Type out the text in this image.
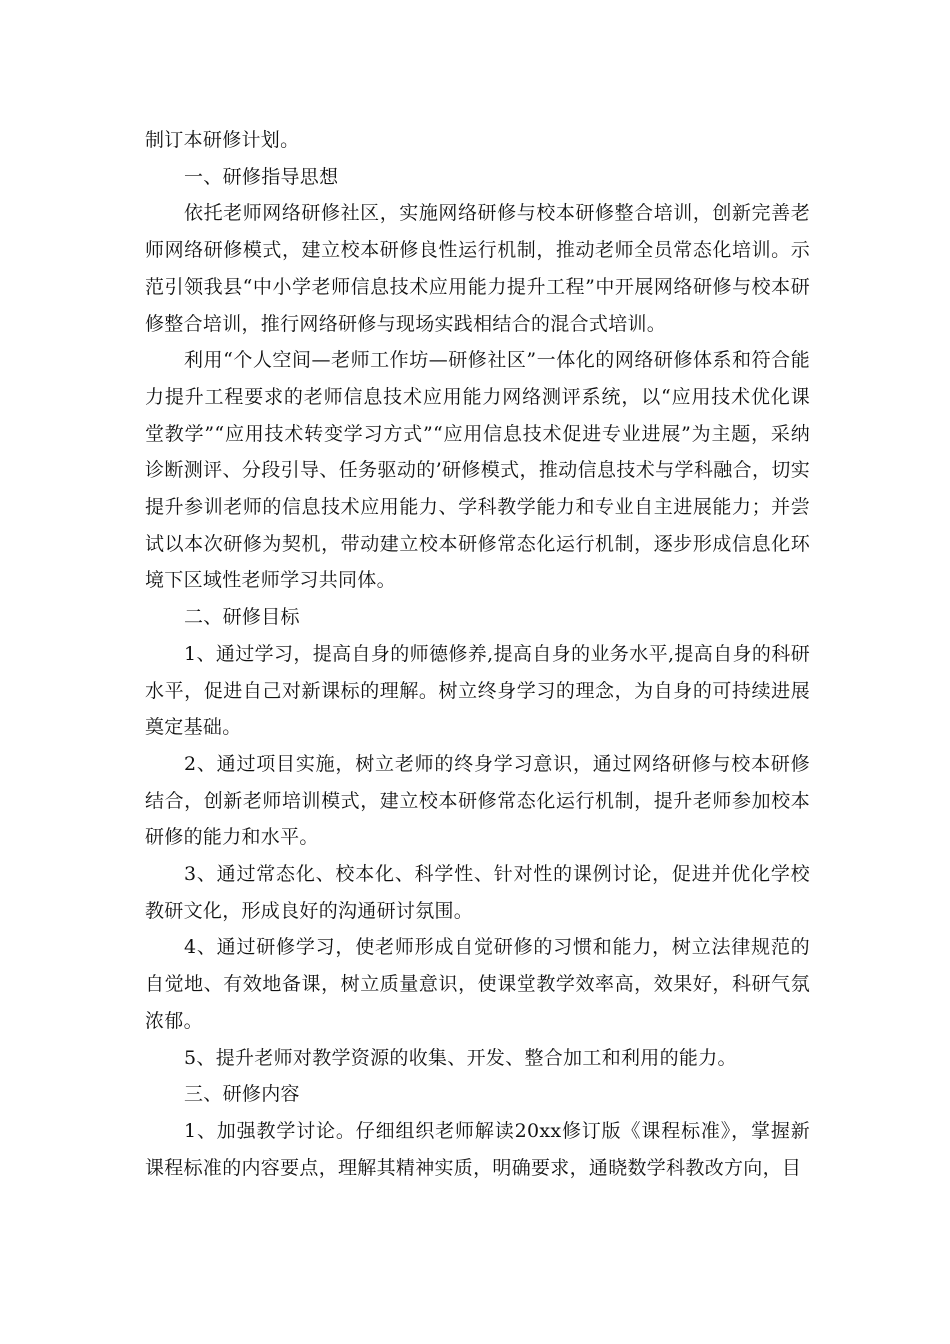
制订本研修计划。

一、研修指导思想

依托老师网络研修社区，实施网络研修与校本研修整合培训，创新完善老师网络研修模式，建立校本研修良性运行机制，推动老师全员常态化培训。示范引领我县“中小学老师信息技术应用能力提升工程”中开展网络研修与校本研修整合培训，推行网络研修与现场实践相结合的混合式培训。

利用“个人空间—老师工作坊—研修社区”一体化的网络研修体系和符合能力提升工程要求的老师信息技术应用能力网络测评系统，以“应用技术优化课堂教学”“应用技术转变学习方式”“应用信息技术促进专业进展”为主题，采纳诊断测评、分段引导、任务驱动的’研修模式，推动信息技术与学科融合，切实提升参训老师的信息技术应用能力、学科教学能力和专业自主进展能力；并尝试以本次研修为契机，带动建立校本研修常态化运行机制，逐步形成信息化环境下区域性老师学习共同体。

二、研修目标

1、通过学习，提高自身的师德修养,提高自身的业务水平,提高自身的科研水平，促进自己对新课标的理解。树立终身学习的理念，为自身的可持续进展奠定基础。

2、通过项目实施，树立老师的终身学习意识，通过网络研修与校本研修结合，创新老师培训模式，建立校本研修常态化运行机制，提升老师参加校本研修的能力和水平。

3、通过常态化、校本化、科学性、针对性的课例讨论，促进并优化学校教研文化，形成良好的沟通研讨氛围。

4、通过研修学习，使老师形成自觉研修的习惯和能力，树立法律规范的自觉地、有效地备课，树立质量意识，使课堂教学效率高，效果好，科研气氛浓郁。

5、提升老师对教学资源的收集、开发、整合加工和利用的能力。

三、研修内容

1、加强教学讨论。仔细组织老师解读20xx修订版《课程标准》，掌握新课程标准的内容要点，理解其精神实质，明确要求，通晓数学科教改方向，目
